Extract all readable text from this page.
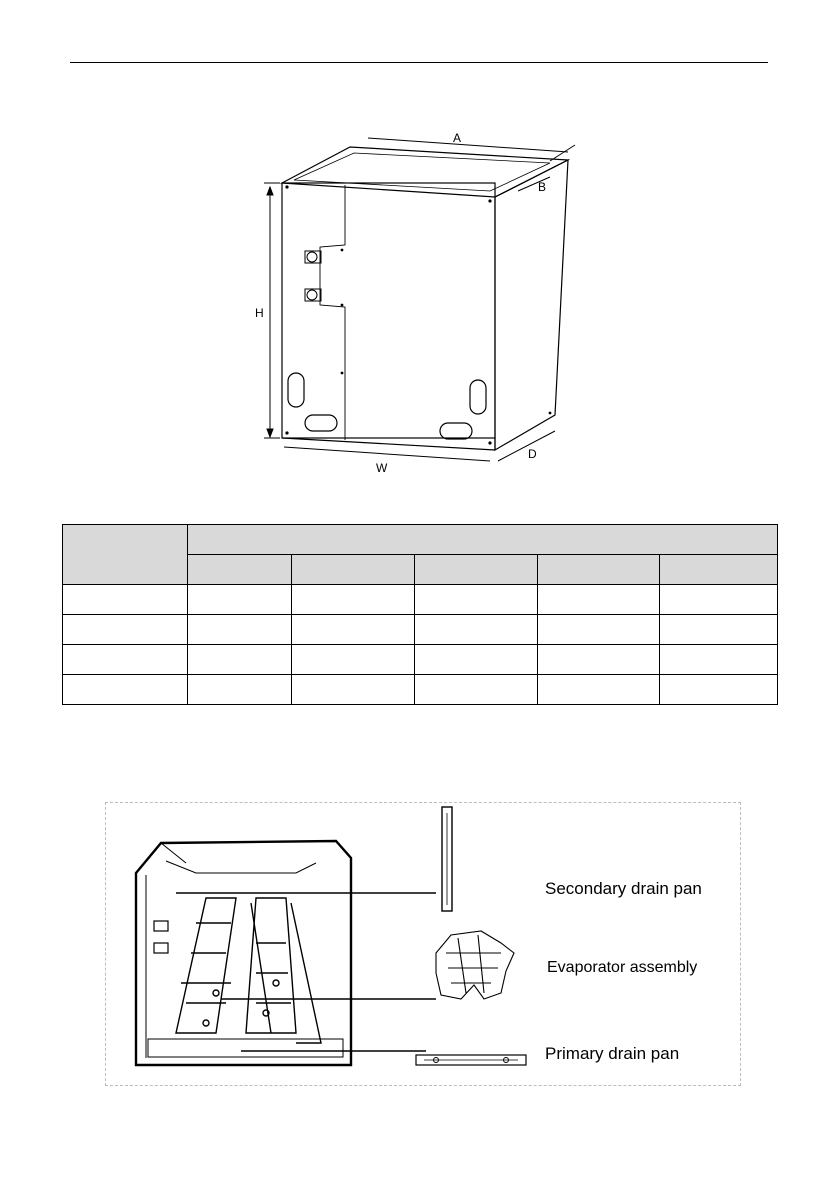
A
B
H
W
D

Secondary drain pan
Evaporator assembly
Primary drain pan
